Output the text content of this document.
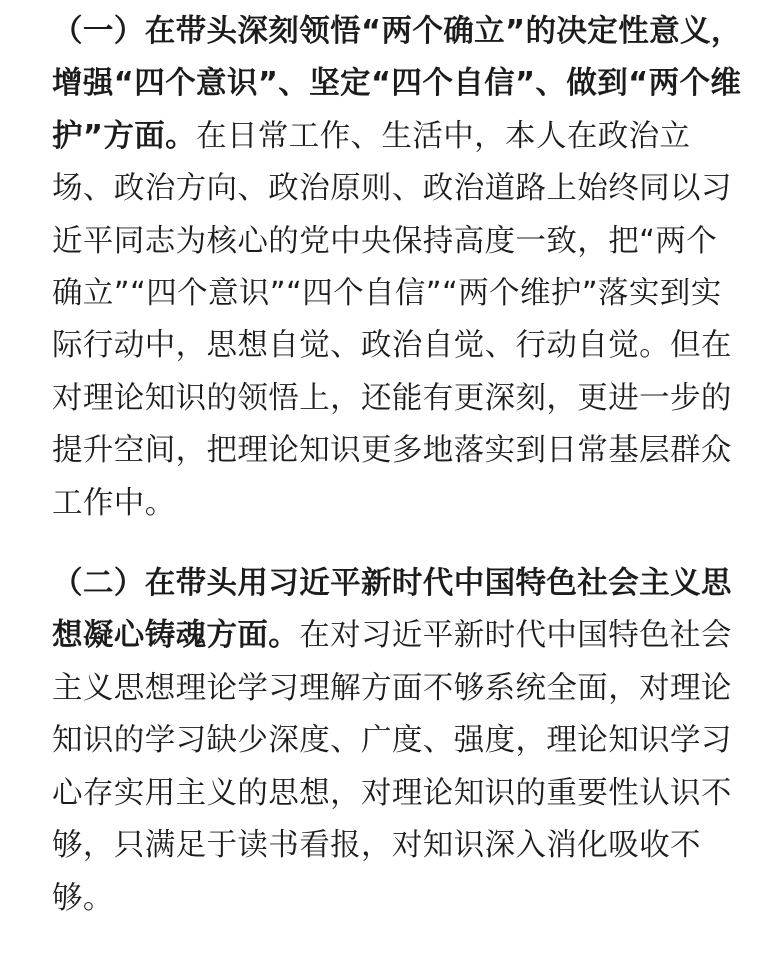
（一）在带头深刻领悟“两个确立”的决定性意义，增强“四个意识”、坚定“四个自信”、做到“两个维护”方面。在日常工作、生活中，本人在政治立场、政治方向、政治原则、政治道路上始终同以习近平同志为核心的党中央保持高度一致，把“两个确立”“四个意识”“四个自信”“两个维护”落实到实际行动中，思想自觉、政治自觉、行动自觉。但在对理论知识的领悟上，还能有更深刻，更进一步的提升空间，把理论知识更多地落实到日常基层群众工作中。

（二）在带头用习近平新时代中国特色社会主义思想凝心铸魂方面。在对习近平新时代中国特色社会主义思想理论学习理解方面不够系统全面，对理论知识的学习缺少深度、广度、强度，理论知识学习心存实用主义的思想，对理论知识的重要性认识不够，只满足于读书看报，对知识深入消化吸收不够。
